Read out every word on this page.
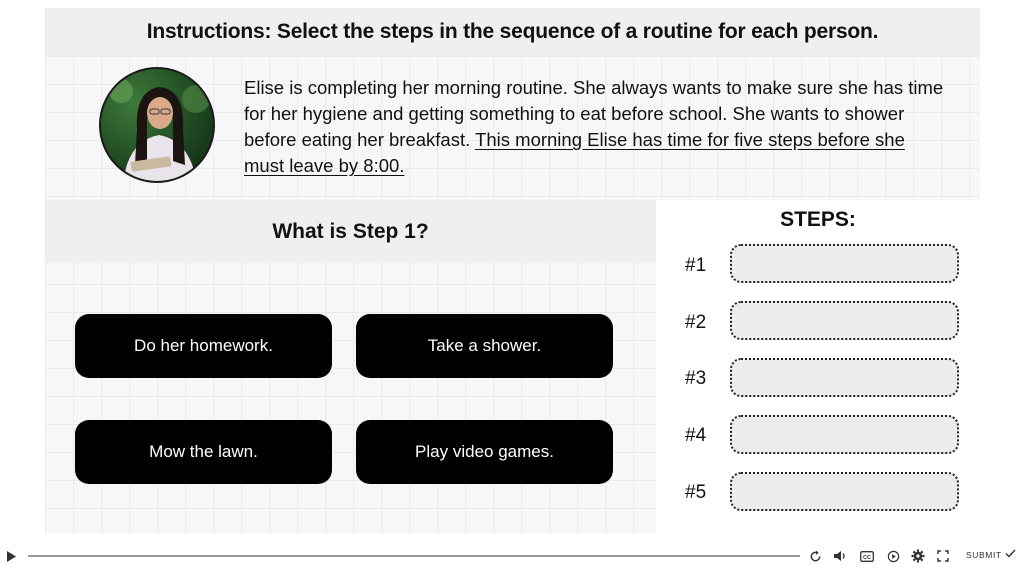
Instructions: Select the steps in the sequence of a routine for each person.

Elise is completing her morning routine. She always wants to make sure she has time for her hygiene and getting something to eat before school. She wants to shower before eating her breakfast. This morning Elise has time for five steps before she must leave by 8:00.

What is Step 1?
Do her homework.	Take a shower.
Mow the lawn.	Play video games.
STEPS:
#1
#2
#3
#4
#5
CC	SUBMIT
